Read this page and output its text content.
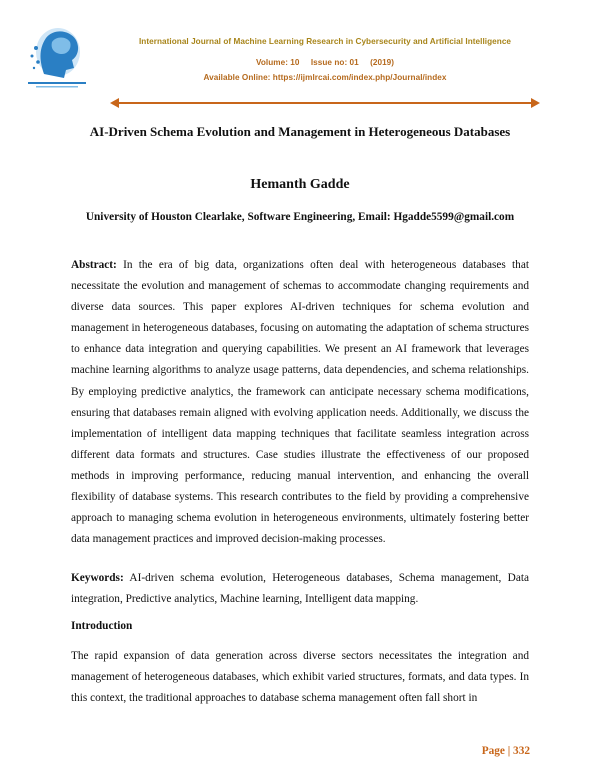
International Journal of Machine Learning Research in Cybersecurity and Artificial Intelligence
Volume: 10 Issue no: 01 (2019)
Available Online: https://ijmlrcai.com/index.php/Journal/index
AI-Driven Schema Evolution and Management in Heterogeneous Databases
Hemanth Gadde
University of Houston Clearlake, Software Engineering, Email: Hgadde5599@gmail.com

Abstract: In the era of big data, organizations often deal with heterogeneous databases that necessitate the evolution and management of schemas to accommodate changing requirements and diverse data sources. This paper explores AI-driven techniques for schema evolution and management in heterogeneous databases, focusing on automating the adaptation of schema structures to enhance data integration and querying capabilities. We present an AI framework that leverages machine learning algorithms to analyze usage patterns, data dependencies, and schema relationships. By employing predictive analytics, the framework can anticipate necessary schema modifications, ensuring that databases remain aligned with evolving application needs. Additionally, we discuss the implementation of intelligent data mapping techniques that facilitate seamless integration across different data formats and structures. Case studies illustrate the effectiveness of our proposed methods in improving performance, reducing manual intervention, and enhancing the overall flexibility of database systems. This research contributes to the field by providing a comprehensive approach to managing schema evolution in heterogeneous environments, ultimately fostering better data management practices and improved decision-making processes.

Keywords: AI-driven schema evolution, Heterogeneous databases, Schema management, Data integration, Predictive analytics, Machine learning, Intelligent data mapping.

Introduction

The rapid expansion of data generation across diverse sectors necessitates the integration and management of heterogeneous databases, which exhibit varied structures, formats, and data types. In this context, the traditional approaches to database schema management often fall short in

Page | 332
